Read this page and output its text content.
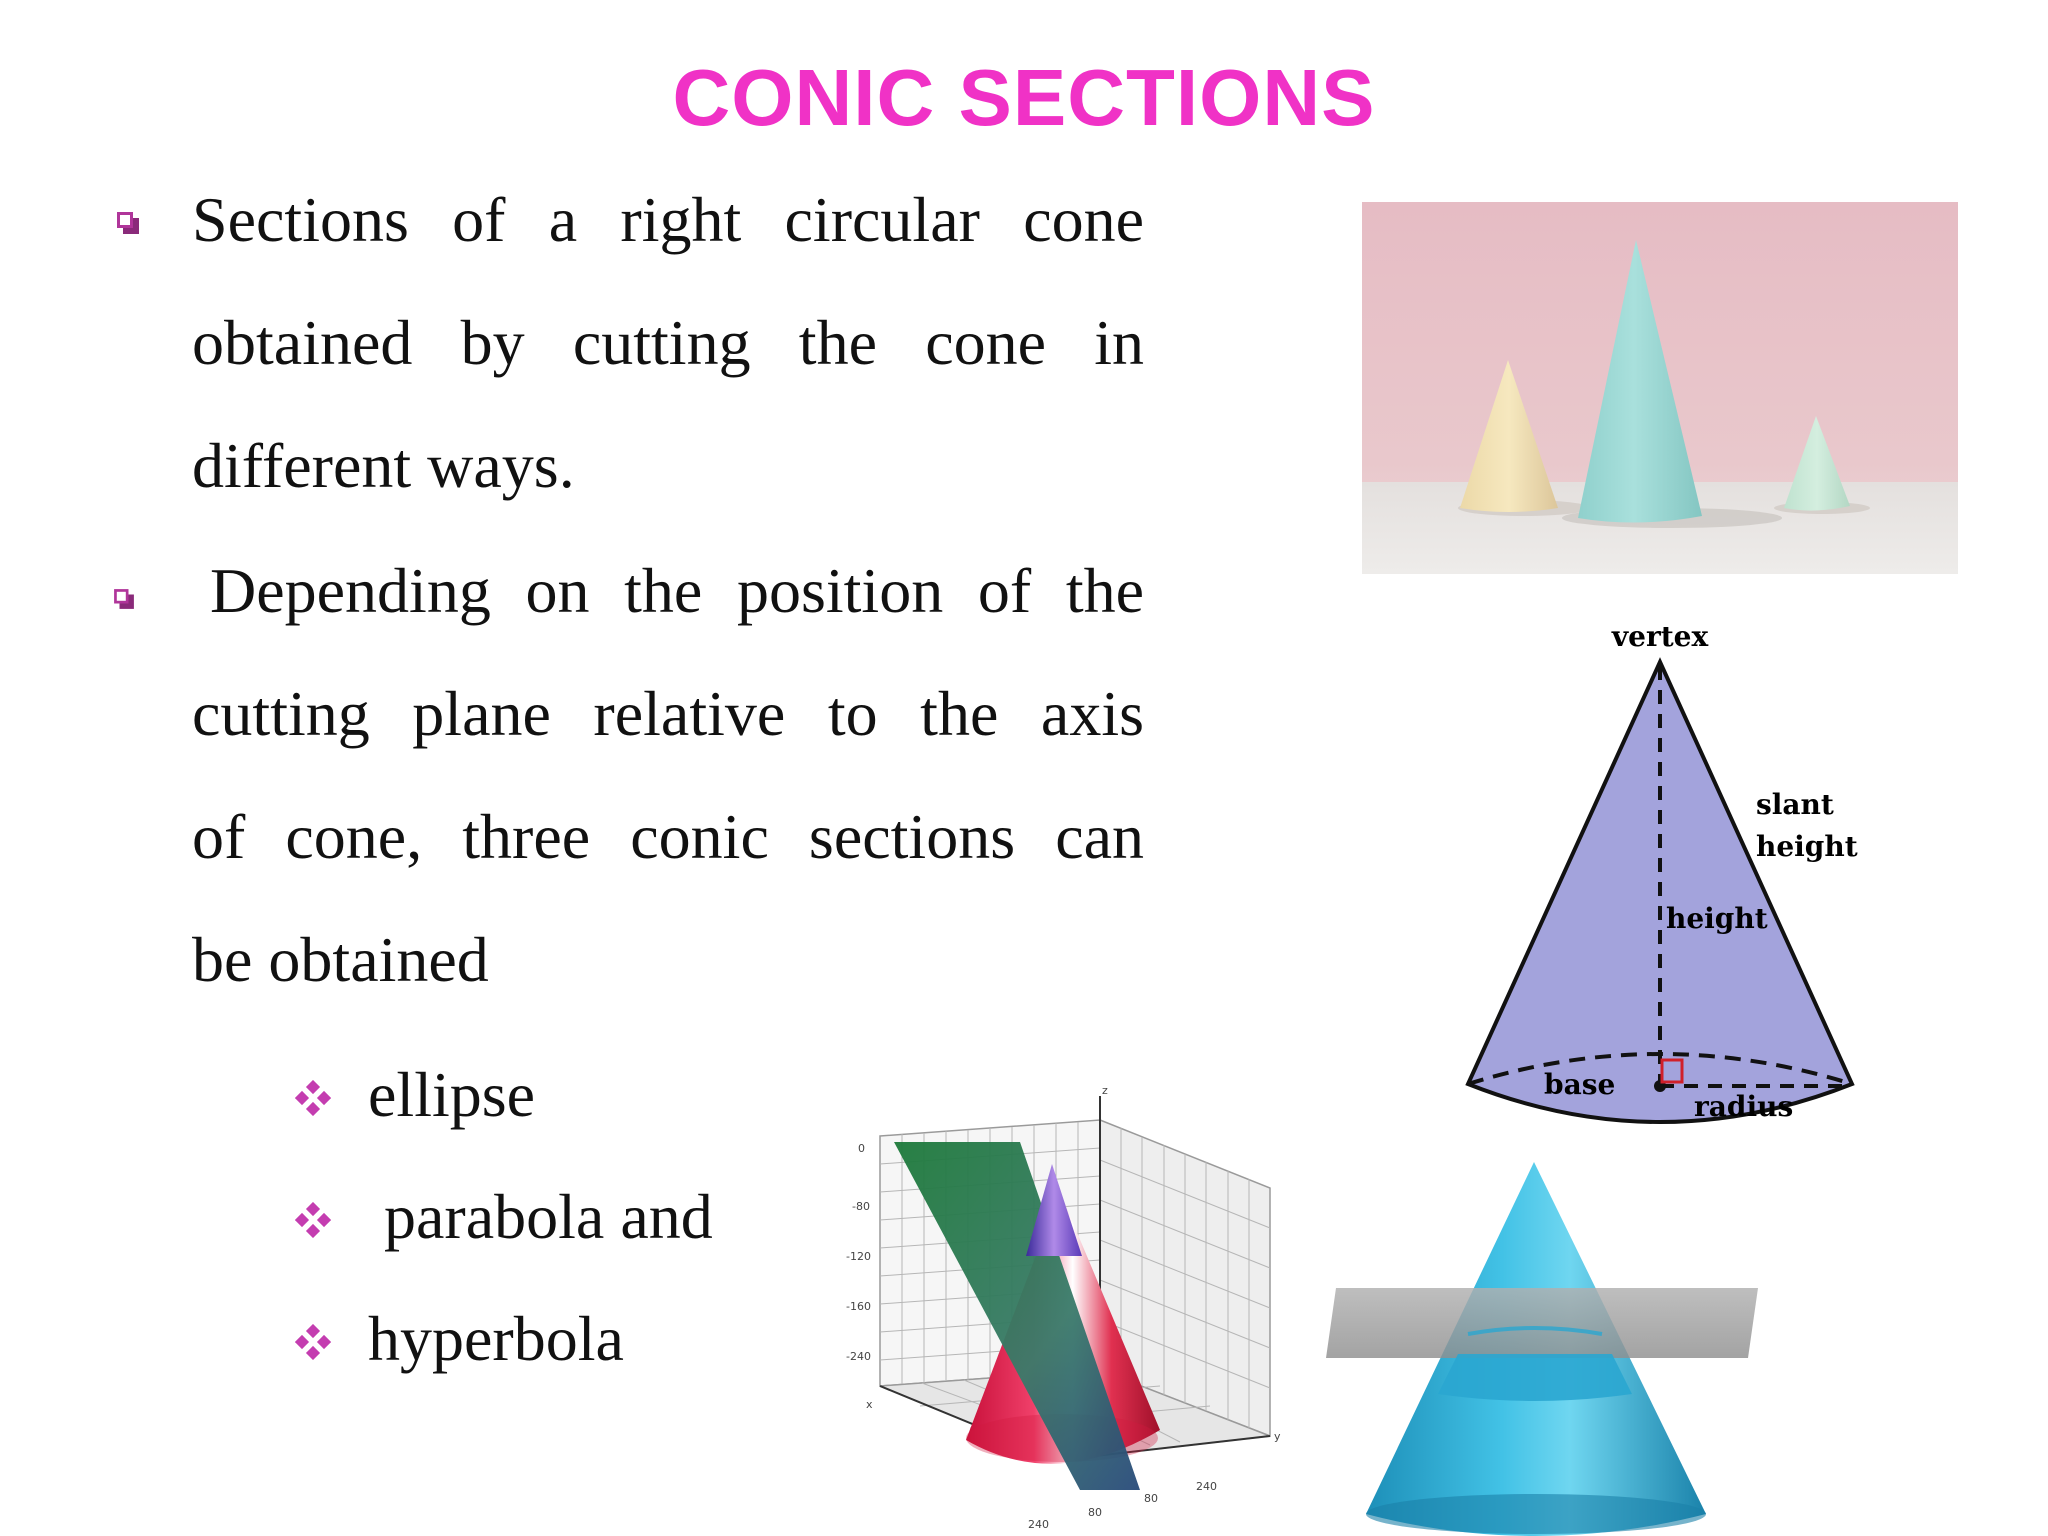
CONIC SECTIONS

Sections of a right circular cone
obtained by cutting the cone in
different ways.

Depending on the position of the
cutting plane relative to the axis
of cone, three conic sections can
be obtained

ellipse
parabola and
hyperbola
vertex
slant
height
height
base
radius
0
-80
-120
-160
-240
240
80
80
240
z
x
y
